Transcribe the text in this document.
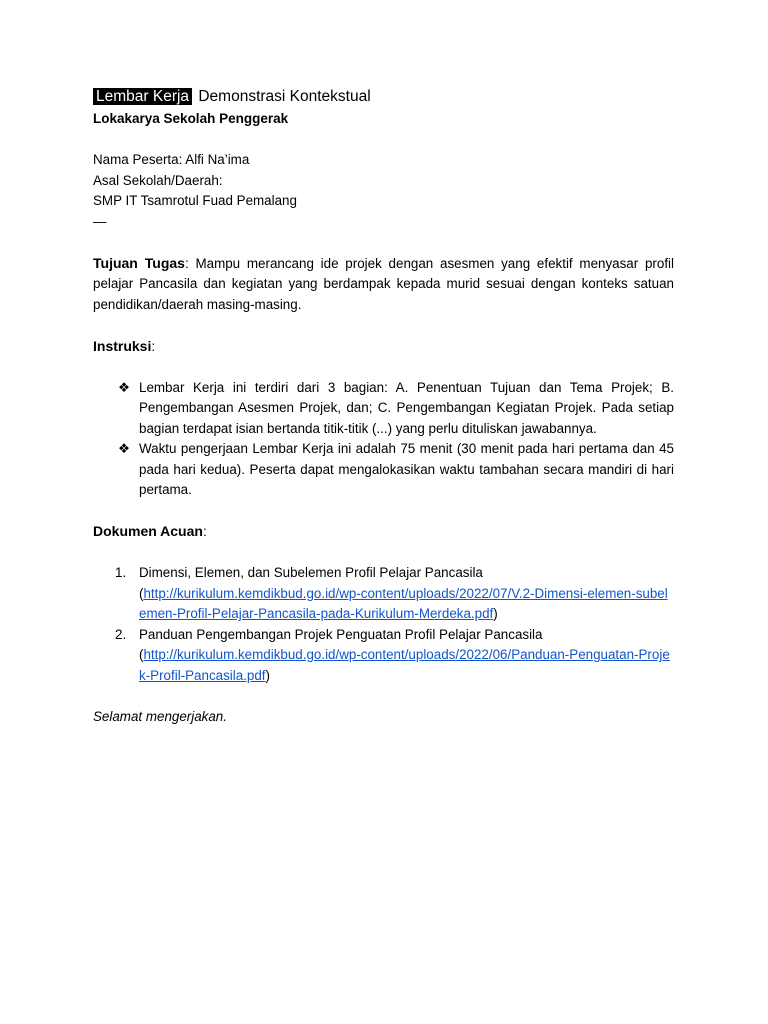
Lembar Kerja Demonstrasi Kontekstual
Lokakarya Sekolah Penggerak
Nama Peserta: Alfi Na’ima
Asal Sekolah/Daerah:
SMP IT Tsamrotul Fuad Pemalang
—
Tujuan Tugas: Mampu merancang ide projek dengan asesmen yang efektif menyasar profil pelajar Pancasila dan kegiatan yang berdampak kepada murid sesuai dengan konteks satuan pendidikan/daerah masing-masing.
Instruksi:
❖ Lembar Kerja ini terdiri dari 3 bagian: A. Penentuan Tujuan dan Tema Projek; B. Pengembangan Asesmen Projek, dan; C. Pengembangan Kegiatan Projek. Pada setiap bagian terdapat isian bertanda titik-titik (...) yang perlu dituliskan jawabannya.
❖ Waktu pengerjaan Lembar Kerja ini adalah 75 menit (30 menit pada hari pertama dan 45 pada hari kedua). Peserta dapat mengalokasikan waktu tambahan secara mandiri di hari pertama.
Dokumen Acuan:
1. Dimensi, Elemen, dan Subelemen Profil Pelajar Pancasila
(http://kurikulum.kemdikbud.go.id/wp-content/uploads/2022/07/V.2-Dimensi-elemen-subelemen-Profil-Pelajar-Pancasila-pada-Kurikulum-Merdeka.pdf)
2. Panduan Pengembangan Projek Penguatan Profil Pelajar Pancasila
(http://kurikulum.kemdikbud.go.id/wp-content/uploads/2022/06/Panduan-Penguatan-Projek-Profil-Pancasila.pdf)
Selamat mengerjakan.
